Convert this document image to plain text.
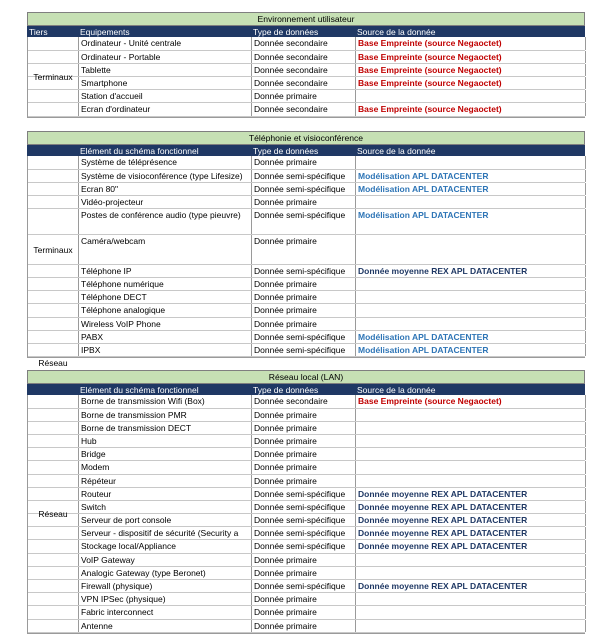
Environnement utilisateur
Tiers	Equipements	Type de données	Source de la donnée
Ordinateur - Unité centrale	Donnée secondaire	Base Empreinte (source Negaoctet)
Ordinateur - Portable	Donnée secondaire	Base Empreinte (source Negaoctet)
Tablette	Donnée secondaire	Base Empreinte (source Negaoctet)
Smartphone	Donnée secondaire	Base Empreinte (source Negaoctet)
Station d'accueil	Donnée primaire
Ecran d'ordinateur	Donnée secondaire	Base Empreinte (source Negaoctet)
Terminaux
Téléphonie et visioconférence
Elément du schéma fonctionnel	Type de données	Source de la donnée
Système de téléprésence	Donnée primaire
Système de visioconférence (type Lifesize)	Donnée semi-spécifique	Modélisation APL DATACENTER
Ecran 80"	Donnée semi-spécifique	Modélisation APL DATACENTER
Vidéo-projecteur	Donnée primaire
Postes de conférence audio (type pieuvre)	Donnée semi-spécifique	Modélisation APL DATACENTER
Caméra/webcam	Donnée primaire
Téléphone IP	Donnée semi-spécifique	Donnée moyenne REX APL DATACENTER
Téléphone numérique	Donnée primaire
Téléphone DECT	Donnée primaire
Téléphone analogique	Donnée primaire
Wireless VoIP Phone	Donnée primaire
PABX	Donnée semi-spécifique	Modélisation APL DATACENTER
IPBX	Donnée semi-spécifique	Modélisation APL DATACENTER
Terminaux
Réseau
Réseau local (LAN)
Elément du schéma fonctionnel	Type de données	Source de la donnée
Borne de transmission Wifi (Box)	Donnée secondaire	Base Empreinte (source Negaoctet)
Borne de transmission PMR	Donnée primaire
Borne de transmission DECT	Donnée primaire
Hub	Donnée primaire
Bridge	Donnée primaire
Modem	Donnée primaire
Répéteur	Donnée primaire
Routeur	Donnée semi-spécifique	Donnée moyenne REX APL DATACENTER
Switch	Donnée semi-spécifique	Donnée moyenne REX APL DATACENTER
Serveur de port console	Donnée semi-spécifique	Donnée moyenne REX APL DATACENTER
Serveur - dispositif de sécurité (Security a	Donnée semi-spécifique	Donnée moyenne REX APL DATACENTER
Stockage local/Appliance	Donnée semi-spécifique	Donnée moyenne REX APL DATACENTER
VoIP Gateway	Donnée primaire
Analogic Gateway (type Beronet)	Donnée primaire
Firewall (physique)	Donnée semi-spécifique	Donnée moyenne REX APL DATACENTER
VPN IPSec (physique)	Donnée primaire
Fabric interconnect	Donnée primaire
Antenne	Donnée primaire
Réseau
